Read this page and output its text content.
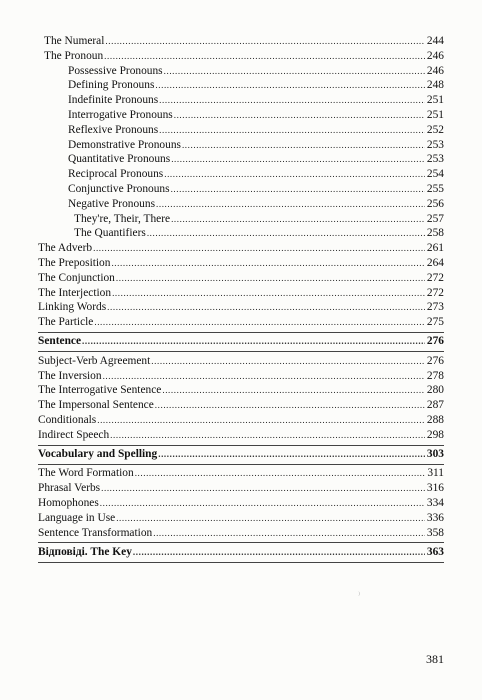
The Numeral .....	244
The Pronoun .....	246
Possessive Pronouns .....	246
Defining Pronouns .....	248
Indefinite Pronouns .....	251
Interrogative Pronouns .....	251
Reflexive Pronouns .....	252
Demonstrative Pronouns .....	253
Quantitative Pronouns .....	253
Reciprocal Pronouns .....	254
Conjunctive Pronouns .....	255
Negative Pronouns .....	256
They're, Their, There .....	257
The Quantifiers .....	258
The Adverb .....	261
The Preposition .....	264
The Conjunction .....	272
The Interjection .....	272
Linking Words .....	273
The Particle .....	275
Sentence .....	276
Subject-Verb Agreement .....	276
The Inversion .....	278
The Interrogative Sentence .....	280
The Impersonal Sentence .....	287
Conditionals .....	288
Indirect Speech .....	298
Vocabulary and Spelling .....	303
The Word Formation .....	311
Phrasal Verbs .....	316
Homophones .....	334
Language in Use .....	336
Sentence Transformation .....	358
Відповіді. The Key .....	363
381
⁾
